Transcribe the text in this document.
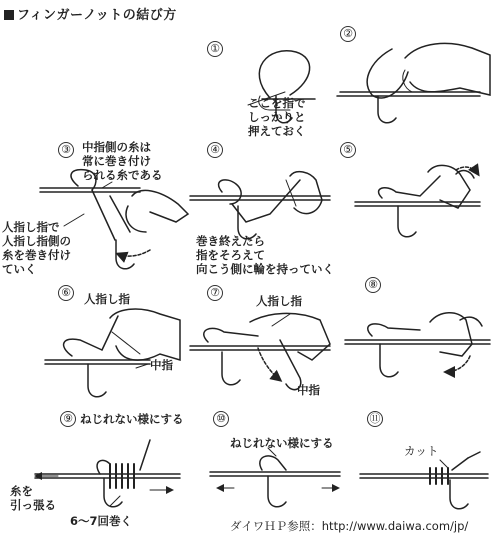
フィンガーノットの結び方
①
②
③	④	⑤
⑥	⑦
⑧
⑨	⑩	⑪
ここを指で
しっかりと
押えておく
中指側の糸は
常に巻き付け
られる糸である
人指し指で
人指し指側の
糸を巻き付け
ていく
巻き終えたら
指をそろえて
向こう側に輪を持っていく
人指し指
中指
人指し指
中指
ねじれない様にする
糸を
引っ張る
6〜7回巻く
ねじれない様にする
カット
ダイワＨＰ参照：http://www.daiwa.com/jp/
